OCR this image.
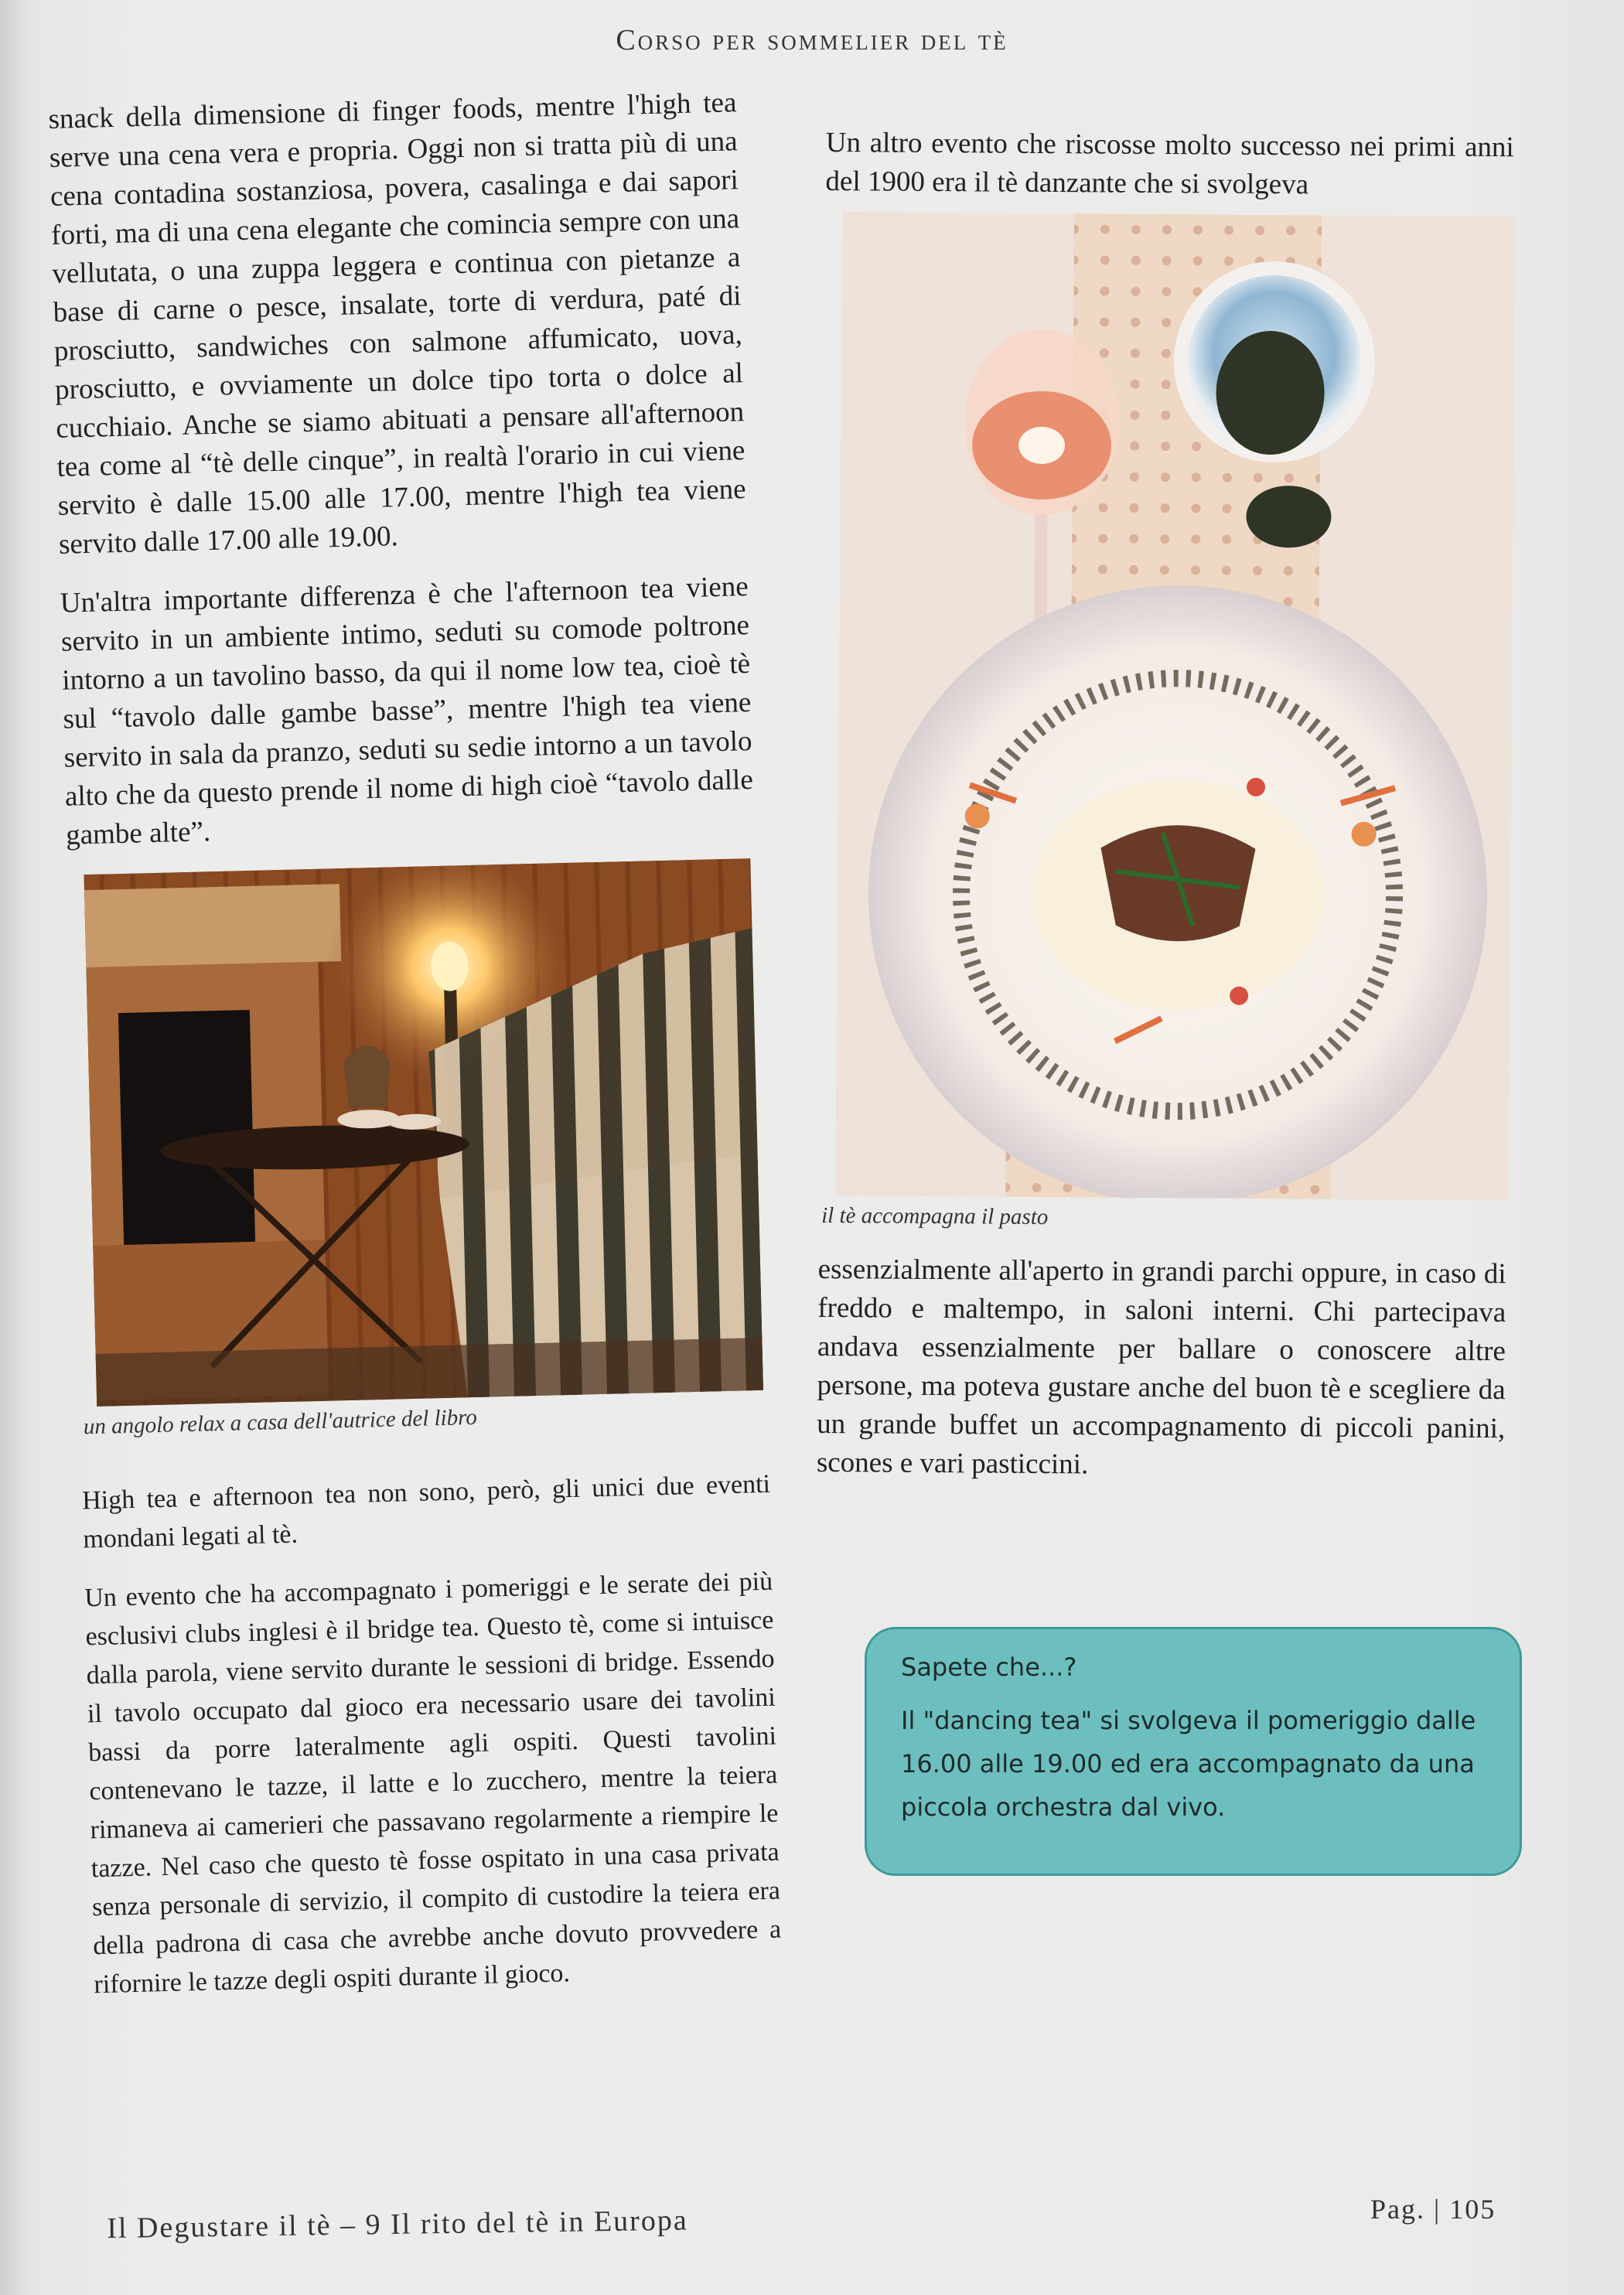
Corso per sommelier del tè

snack della dimensione di finger foods, mentre l'high tea serve una cena vera e propria. Oggi non si tratta più di una cena contadina sostanziosa, povera, casalinga e dai sapori forti, ma di una cena elegante che comincia sempre con una vellutata, o una zuppa leggera e continua con pietanze a base di carne o pesce, insalate, torte di verdura, paté di prosciutto, sandwiches con salmone affumicato, uova, prosciutto, e ovviamente un dolce tipo torta o dolce al cucchiaio. Anche se siamo abituati a pensare all'afternoon tea come al “tè delle cinque”, in realtà l'orario in cui viene servito è dalle 15.00 alle 17.00, mentre l'high tea viene servito dalle 17.00 alle 19.00.

Un'altra importante differenza è che l'afternoon tea viene servito in un ambiente intimo, seduti su comode poltrone intorno a un tavolino basso, da qui il nome low tea, cioè tè sul “tavolo dalle gambe basse”, mentre l'high tea viene servito in sala da pranzo, seduti su sedie intorno a un tavolo alto che da questo prende il nome di high cioè “tavolo dalle gambe alte”.

un angolo relax a casa dell'autrice del libro

High tea e afternoon tea non sono, però, gli unici due eventi mondani legati al tè.

Un evento che ha accompagnato i pomeriggi e le serate dei più esclusivi clubs inglesi è il bridge tea. Questo tè, come si intuisce dalla parola, viene servito durante le sessioni di bridge. Essendo il tavolo occupato dal gioco era necessario usare dei tavolini bassi da porre lateralmente agli ospiti. Questi tavolini contenevano le tazze, il latte e lo zucchero, mentre la teiera rimaneva ai camerieri che passavano regolarmente a riempire le tazze. Nel caso che questo tè fosse ospitato in una casa privata senza personale di servizio, il compito di custodire la teiera era della padrona di casa che avrebbe anche dovuto provvedere a rifornire le tazze degli ospiti durante il gioco.

Un altro evento che riscosse molto successo nei primi anni del 1900 era il tè danzante che si svolgeva

il tè accompagna il pasto

essenzialmente all'aperto in grandi parchi oppure, in caso di freddo e maltempo, in saloni interni. Chi partecipava andava essenzialmente per ballare o conoscere altre persone, ma poteva gustare anche del buon tè e scegliere da un grande buffet un accompagnamento di piccoli panini, scones e vari pasticcini.

Sapete che...?
Il "dancing tea" si svolgeva il pomeriggio dalle 16.00 alle 19.00 ed era accompagnato da una piccola orchestra dal vivo.
Il Degustare il tè – 9 Il rito del tè in Europa	Pag. | 105
